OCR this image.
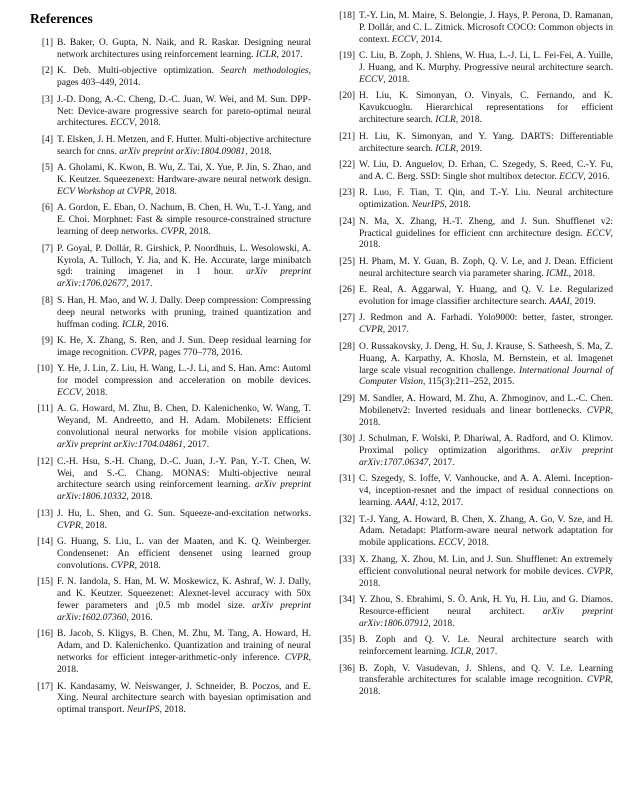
References
[1] B. Baker, O. Gupta, N. Naik, and R. Raskar. Designing neural network architectures using reinforcement learning. ICLR, 2017.
[2] K. Deb. Multi-objective optimization. Search methodologies, pages 403–449, 2014.
[3] J.-D. Dong, A.-C. Cheng, D.-C. Juan, W. Wei, and M. Sun. DPP-Net: Device-aware progressive search for pareto-optimal neural architectures. ECCV, 2018.
[4] T. Elsken, J. H. Metzen, and F. Hutter. Multi-objective architecture search for cnns. arXiv preprint arXiv:1804.09081, 2018.
[5] A. Gholami, K. Kwon, B. Wu, Z. Tai, X. Yue, P. Jin, S. Zhao, and K. Keutzer. Squeezenext: Hardware-aware neural network design. ECV Workshop at CVPR, 2018.
[6] A. Gordon, E. Eban, O. Nachum, B. Chen, H. Wu, T.-J. Yang, and E. Choi. Morphnet: Fast & simple resource-constrained structure learning of deep networks. CVPR, 2018.
[7] P. Goyal, P. Dollár, R. Girshick, P. Noordhuis, L. Wesolowski, A. Kyrola, A. Tulloch, Y. Jia, and K. He. Accurate, large minibatch sgd: training imagenet in 1 hour. arXiv preprint arXiv:1706.02677, 2017.
[8] S. Han, H. Mao, and W. J. Dally. Deep compression: Compressing deep neural networks with pruning, trained quantization and huffman coding. ICLR, 2016.
[9] K. He, X. Zhang, S. Ren, and J. Sun. Deep residual learning for image recognition. CVPR, pages 770–778, 2016.
[10] Y. He, J. Lin, Z. Liu, H. Wang, L.-J. Li, and S. Han. Amc: Automl for model compression and acceleration on mobile devices. ECCV, 2018.
[11] A. G. Howard, M. Zhu, B. Chen, D. Kalenichenko, W. Wang, T. Weyand, M. Andreetto, and H. Adam. Mobilenets: Efficient convolutional neural networks for mobile vision applications. arXiv preprint arXiv:1704.04861, 2017.
[12] C.-H. Hsu, S.-H. Chang, D.-C. Juan, J.-Y. Pan, Y.-T. Chen, W. Wei, and S.-C. Chang. MONAS: Multi-objective neural architecture search using reinforcement learning. arXiv preprint arXiv:1806.10332, 2018.
[13] J. Hu, L. Shen, and G. Sun. Squeeze-and-excitation networks. CVPR, 2018.
[14] G. Huang, S. Liu, L. van der Maaten, and K. Q. Weinberger. Condensenet: An efficient densenet using learned group convolutions. CVPR, 2018.
[15] F. N. Iandola, S. Han, M. W. Moskewicz, K. Ashraf, W. J. Dally, and K. Keutzer. Squeezenet: Alexnet-level accuracy with 50x fewer parameters and ¡0.5 mb model size. arXiv preprint arXiv:1602.07360, 2016.
[16] B. Jacob, S. Kligys, B. Chen, M. Zhu, M. Tang, A. Howard, H. Adam, and D. Kalenichenko. Quantization and training of neural networks for efficient integer-arithmetic-only inference. CVPR, 2018.
[17] K. Kandasamy, W. Neiswanger, J. Schneider, B. Poczos, and E. Xing. Neural architecture search with bayesian optimisation and optimal transport. NeurIPS, 2018.
[18] T.-Y. Lin, M. Maire, S. Belongie, J. Hays, P. Perona, D. Ramanan, P. Dollár, and C. L. Zitnick. Microsoft COCO: Common objects in context. ECCV, 2014.
[19] C. Liu, B. Zoph, J. Shlens, W. Hua, L.-J. Li, L. Fei-Fei, A. Yuille, J. Huang, and K. Murphy. Progressive neural architecture search. ECCV, 2018.
[20] H. Liu, K. Simonyan, O. Vinyals, C. Fernando, and K. Kavukcuoglu. Hierarchical representations for efficient architecture search. ICLR, 2018.
[21] H. Liu, K. Simonyan, and Y. Yang. DARTS: Differentiable architecture search. ICLR, 2019.
[22] W. Liu, D. Anguelov, D. Erhan, C. Szegedy, S. Reed, C.-Y. Fu, and A. C. Berg. SSD: Single shot multibox detector. ECCV, 2016.
[23] R. Luo, F. Tian, T. Qin, and T.-Y. Liu. Neural architecture optimization. NeurIPS, 2018.
[24] N. Ma, X. Zhang, H.-T. Zheng, and J. Sun. Shufflenet v2: Practical guidelines for efficient cnn architecture design. ECCV, 2018.
[25] H. Pham, M. Y. Guan, B. Zoph, Q. V. Le, and J. Dean. Efficient neural architecture search via parameter sharing. ICML, 2018.
[26] E. Real, A. Aggarwal, Y. Huang, and Q. V. Le. Regularized evolution for image classifier architecture search. AAAI, 2019.
[27] J. Redmon and A. Farhadi. Yolo9000: better, faster, stronger. CVPR, 2017.
[28] O. Russakovsky, J. Deng, H. Su, J. Krause, S. Satheesh, S. Ma, Z. Huang, A. Karpathy, A. Khosla, M. Bernstein, et al. Imagenet large scale visual recognition challenge. International Journal of Computer Vision, 115(3):211–252, 2015.
[29] M. Sandler, A. Howard, M. Zhu, A. Zhmoginov, and L.-C. Chen. Mobilenetv2: Inverted residuals and linear bottlenecks. CVPR, 2018.
[30] J. Schulman, F. Wolski, P. Dhariwal, A. Radford, and O. Klimov. Proximal policy optimization algorithms. arXiv preprint arXiv:1707.06347, 2017.
[31] C. Szegedy, S. Ioffe, V. Vanhoucke, and A. A. Alemi. Inception-v4, inception-resnet and the impact of residual connections on learning. AAAI, 4:12, 2017.
[32] T.-J. Yang, A. Howard, B. Chen, X. Zhang, A. Go, V. Sze, and H. Adam. Netadapt: Platform-aware neural network adaptation for mobile applications. ECCV, 2018.
[33] X. Zhang, X. Zhou, M. Lin, and J. Sun. Shufflenet: An extremely efficient convolutional neural network for mobile devices. CVPR, 2018.
[34] Y. Zhou, S. Ebrahimi, S. Ö. Arık, H. Yu, H. Liu, and G. Diamos. Resource-efficient neural architect. arXiv preprint arXiv:1806.07912, 2018.
[35] B. Zoph and Q. V. Le. Neural architecture search with reinforcement learning. ICLR, 2017.
[36] B. Zoph, V. Vasudevan, J. Shlens, and Q. V. Le. Learning transferable architectures for scalable image recognition. CVPR, 2018.
